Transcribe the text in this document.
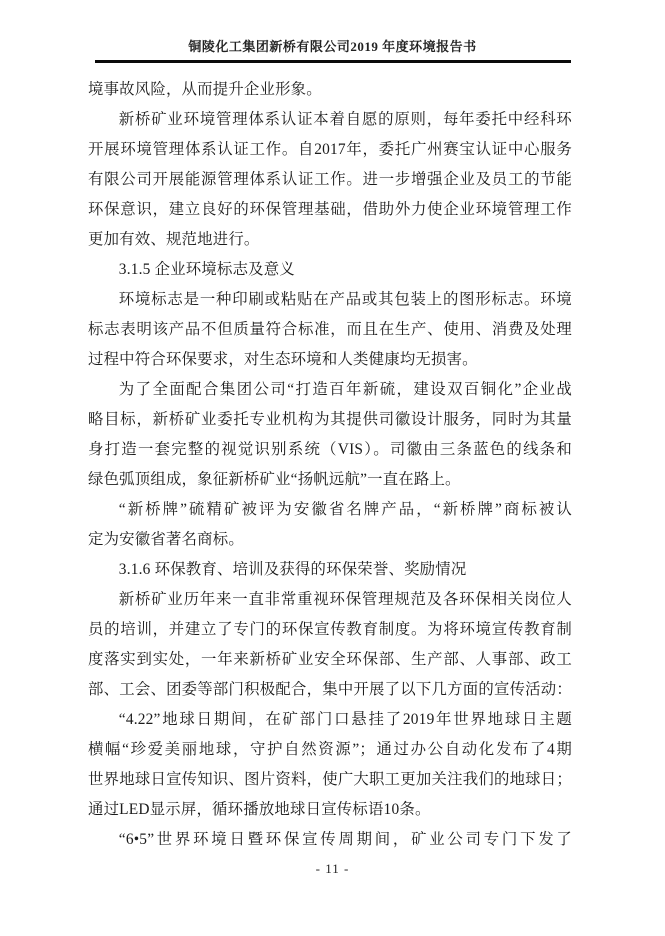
铜陵化工集团新桥有限公司2019 年度环境报告书
境事故风险，从而提升企业形象。
新桥矿业环境管理体系认证本着自愿的原则，每年委托中经科环
开展环境管理体系认证工作。自2017年，委托广州赛宝认证中心服务
有限公司开展能源管理体系认证工作。进一步增强企业及员工的节能
环保意识，建立良好的环保管理基础，借助外力使企业环境管理工作
更加有效、规范地进行。
3.1.5 企业环境标志及意义
环境标志是一种印刷或粘贴在产品或其包装上的图形标志。环境
标志表明该产品不但质量符合标准，而且在生产、使用、消费及处理
过程中符合环保要求，对生态环境和人类健康均无损害。
为了全面配合集团公司“打造百年新硫，建设双百铜化”企业战
略目标，新桥矿业委托专业机构为其提供司徽设计服务，同时为其量
身打造一套完整的视觉识别系统（VIS）。司徽由三条蓝色的线条和
绿色弧顶组成，象征新桥矿业“扬帆远航”一直在路上。
“新桥牌”硫精矿被评为安徽省名牌产品，“新桥牌”商标被认
定为安徽省著名商标。
3.1.6 环保教育、培训及获得的环保荣誉、奖励情况
新桥矿业历年来一直非常重视环保管理规范及各环保相关岗位人
员的培训，并建立了专门的环保宣传教育制度。为将环境宣传教育制
度落实到实处，一年来新桥矿业安全环保部、生产部、人事部、政工
部、工会、团委等部门积极配合，集中开展了以下几方面的宣传活动：
“4.22”地球日期间，在矿部门口悬挂了2019年世界地球日主题
横幅“珍爱美丽地球，守护自然资源”；通过办公自动化发布了4期
世界地球日宣传知识、图片资料，使广大职工更加关注我们的地球日；
通过LED显示屏，循环播放地球日宣传标语10条。
“6•5”世界环境日暨环保宣传周期间，矿业公司专门下发了
- 11 -
